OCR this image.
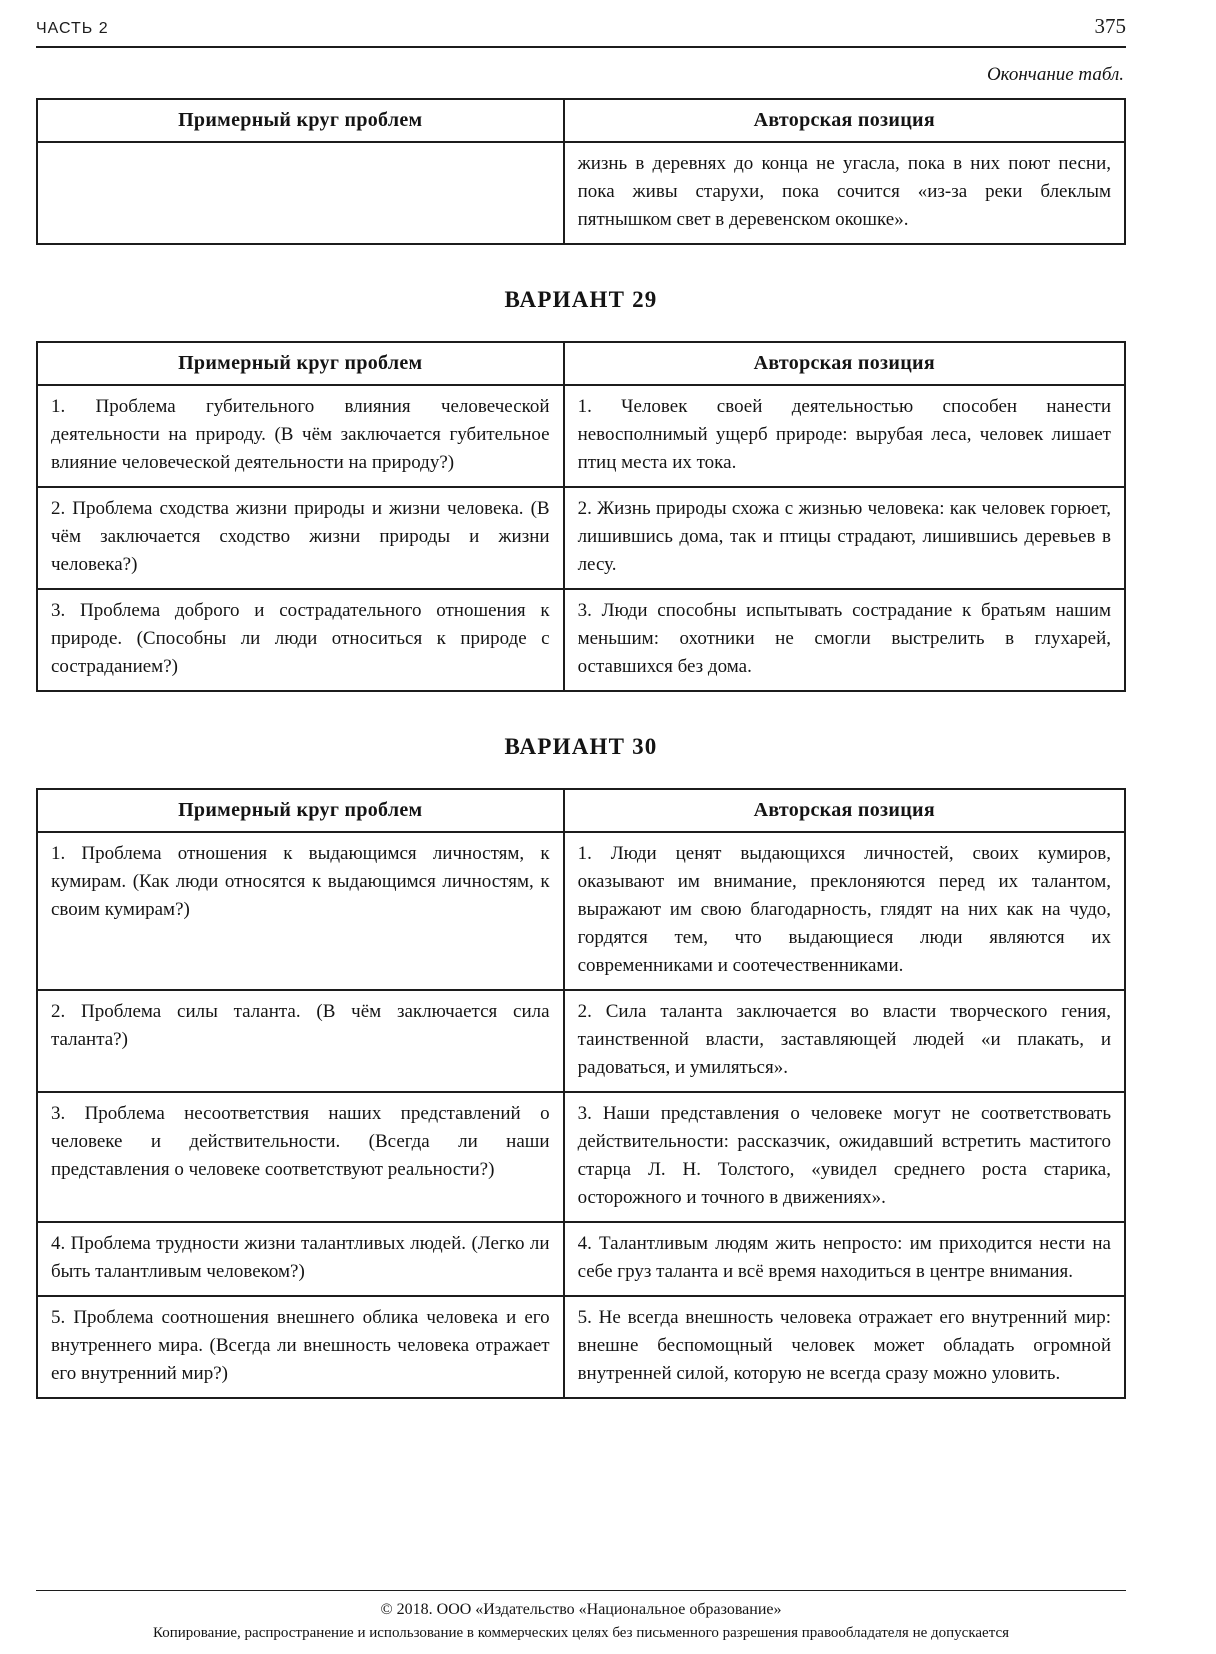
ЧАСТЬ 2	375
Окончание табл.
Примерный круг проблем	Авторская позиция
	жизнь в деревнях до конца не угасла, пока в них поют песни, пока живы старухи, пока сочится «из-за реки блеклым пятнышком свет в деревенском окошке».
ВАРИАНТ 29
Примерный круг проблем	Авторская позиция
1. Проблема губительного влияния человеческой деятельности на природу. (В чём заключается губительное влияние человеческой деятельности на природу?)	1. Человек своей деятельностью способен нанести невосполнимый ущерб природе: вырубая леса, человек лишает птиц места их тока.
2. Проблема сходства жизни природы и жизни человека. (В чём заключается сходство жизни природы и жизни человека?)	2. Жизнь природы схожа с жизнью человека: как человек горюет, лишившись дома, так и птицы страдают, лишившись деревьев в лесу.
3. Проблема доброго и сострадательного отношения к природе. (Способны ли люди относиться к природе с состраданием?)	3. Люди способны испытывать сострадание к братьям нашим меньшим: охотники не смогли выстрелить в глухарей, оставшихся без дома.
ВАРИАНТ 30
Примерный круг проблем	Авторская позиция
1. Проблема отношения к выдающимся личностям, к кумирам. (Как люди относятся к выдающимся личностям, к своим кумирам?)	1. Люди ценят выдающихся личностей, своих кумиров, оказывают им внимание, преклоняются перед их талантом, выражают им свою благодарность, глядят на них как на чудо, гордятся тем, что выдающиеся люди являются их современниками и соотечественниками.
2. Проблема силы таланта. (В чём заключается сила таланта?)	2. Сила таланта заключается во власти творческого гения, таинственной власти, заставляющей людей «и плакать, и радоваться, и умиляться».
3. Проблема несоответствия наших представлений о человеке и действительности. (Всегда ли наши представления о человеке соответствуют реальности?)	3. Наши представления о человеке могут не соответствовать действительности: рассказчик, ожидавший встретить маститого старца Л. Н. Толстого, «увидел среднего роста старика, осторожного и точного в движениях».
4. Проблема трудности жизни талантливых людей. (Легко ли быть талантливым человеком?)	4. Талантливым людям жить непросто: им приходится нести на себе груз таланта и всё время находиться в центре внимания.
5. Проблема соотношения внешнего облика человека и его внутреннего мира. (Всегда ли внешность человека отражает его внутренний мир?)	5. Не всегда внешность человека отражает его внутренний мир: внешне беспомощный человек может обладать огромной внутренней силой, которую не всегда сразу можно уловить.
© 2018. ООО «Издательство «Национальное образование»
Копирование, распространение и использование в коммерческих целях без письменного разрешения правообладателя не допускается
